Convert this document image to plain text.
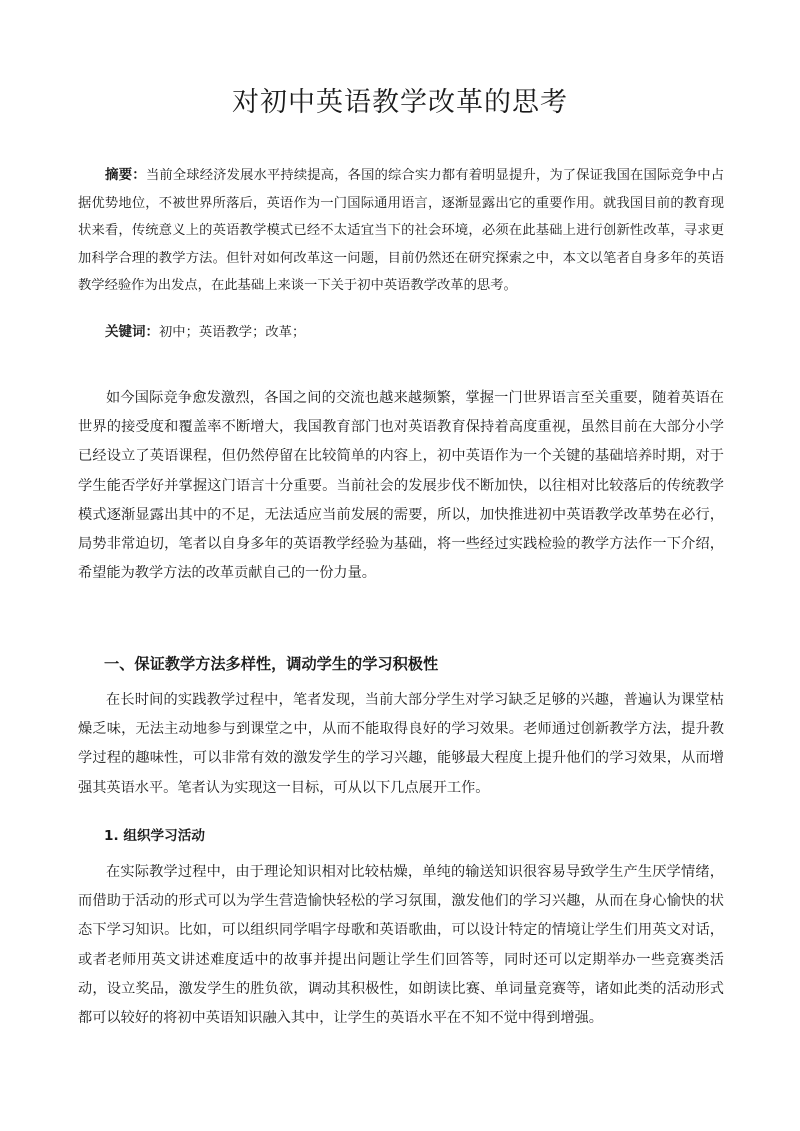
对初中英语教学改革的思考

摘要：当前全球经济发展水平持续提高，各国的综合实力都有着明显提升，为了保证我国在国际竞争中占据优势地位，不被世界所落后，英语作为一门国际通用语言，逐渐显露出它的重要作用。就我国目前的教育现状来看，传统意义上的英语教学模式已经不太适宜当下的社会环境，必须在此基础上进行创新性改革，寻求更加科学合理的教学方法。但针对如何改革这一问题，目前仍然还在研究探索之中，本文以笔者自身多年的英语教学经验作为出发点，在此基础上来谈一下关于初中英语教学改革的思考。

关键词：初中；英语教学；改革；

如今国际竞争愈发激烈，各国之间的交流也越来越频繁，掌握一门世界语言至关重要，随着英语在世界的接受度和覆盖率不断增大，我国教育部门也对英语教育保持着高度重视，虽然目前在大部分小学已经设立了英语课程，但仍然停留在比较简单的内容上，初中英语作为一个关键的基础培养时期，对于学生能否学好并掌握这门语言十分重要。当前社会的发展步伐不断加快，以往相对比较落后的传统教学模式逐渐显露出其中的不足，无法适应当前发展的需要，所以，加快推进初中英语教学改革势在必行，局势非常迫切，笔者以自身多年的英语教学经验为基础，将一些经过实践检验的教学方法作一下介绍，希望能为教学方法的改革贡献自己的一份力量。

一、保证教学方法多样性，调动学生的学习积极性

在长时间的实践教学过程中，笔者发现，当前大部分学生对学习缺乏足够的兴趣，普遍认为课堂枯燥乏味，无法主动地参与到课堂之中，从而不能取得良好的学习效果。老师通过创新教学方法，提升教学过程的趣味性，可以非常有效的激发学生的学习兴趣，能够最大程度上提升他们的学习效果，从而增强其英语水平。笔者认为实现这一目标，可从以下几点展开工作。

1. 组织学习活动

在实际教学过程中，由于理论知识相对比较枯燥，单纯的输送知识很容易导致学生产生厌学情绪，而借助于活动的形式可以为学生营造愉快轻松的学习氛围，激发他们的学习兴趣，从而在身心愉快的状态下学习知识。比如，可以组织同学唱字母歌和英语歌曲，可以设计特定的情境让学生们用英文对话，或者老师用英文讲述难度适中的故事并提出问题让学生们回答等，同时还可以定期举办一些竞赛类活动，设立奖品，激发学生的胜负欲，调动其积极性，如朗读比赛、单词量竞赛等，诸如此类的活动形式都可以较好的将初中英语知识融入其中，让学生的英语水平在不知不觉中得到增强。
